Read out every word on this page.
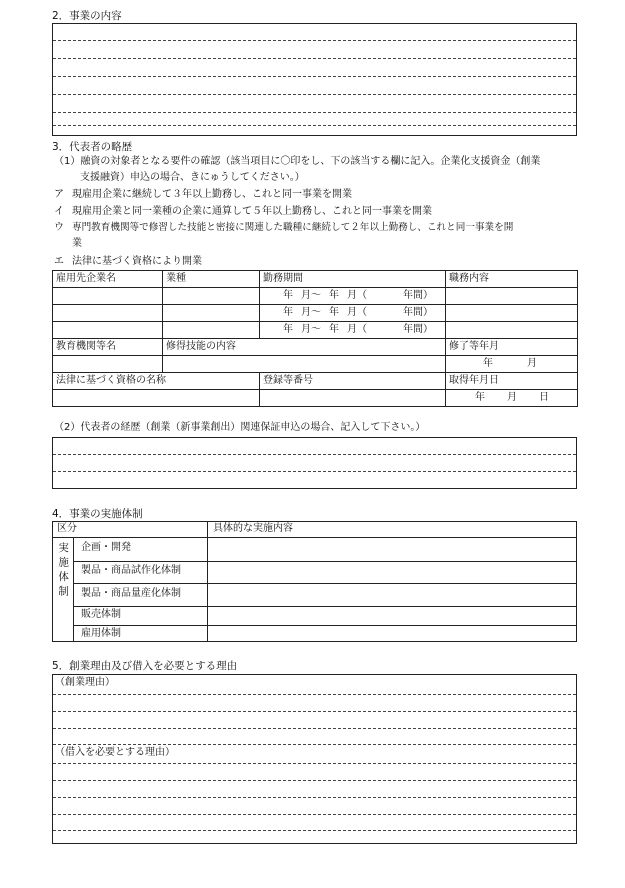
2．事業の内容
3．代表者の略歴
（1）融資の対象者となる要件の確認（該当項目に〇印をし、下の該当する欄に記入。企業化支援資金（創業
支援融資）申込の場合、きにゅうしてください。）
ア 現雇用企業に継続して３年以上勤務し、これと同一事業を開業
イ 現雇用企業と同一業種の企業に通算して５年以上勤務し、これと同一事業を開業
ウ 専門教育機関等で修習した技能と密接に関連した職種に継続して２年以上勤務し、これと同一事業を開
業
エ 法律に基づく資格により開業
雇用先企業名	業種	勤務期間	職務内容
		年 月～ 年 月（ 年間）	
		年 月～ 年 月（ 年間）	
		年 月～ 年 月（ 年間）	
教育機関等名	修得技能の内容	修了等年月
		年 月
法律に基づく資格の名称	登録等番号	取得年月日
		年 月 日
（2）代表者の経歴（創業（新事業創出）関連保証申込の場合、記入して下さい。）
4．事業の実施体制
区分	具体的な実施内容
実施体制 企画・開発
製品・商品試作化体制
製品・商品量産化体制
販売体制
雇用体制
5．創業理由及び借入を必要とする理由
（創業理由）
（借入を必要とする理由）
